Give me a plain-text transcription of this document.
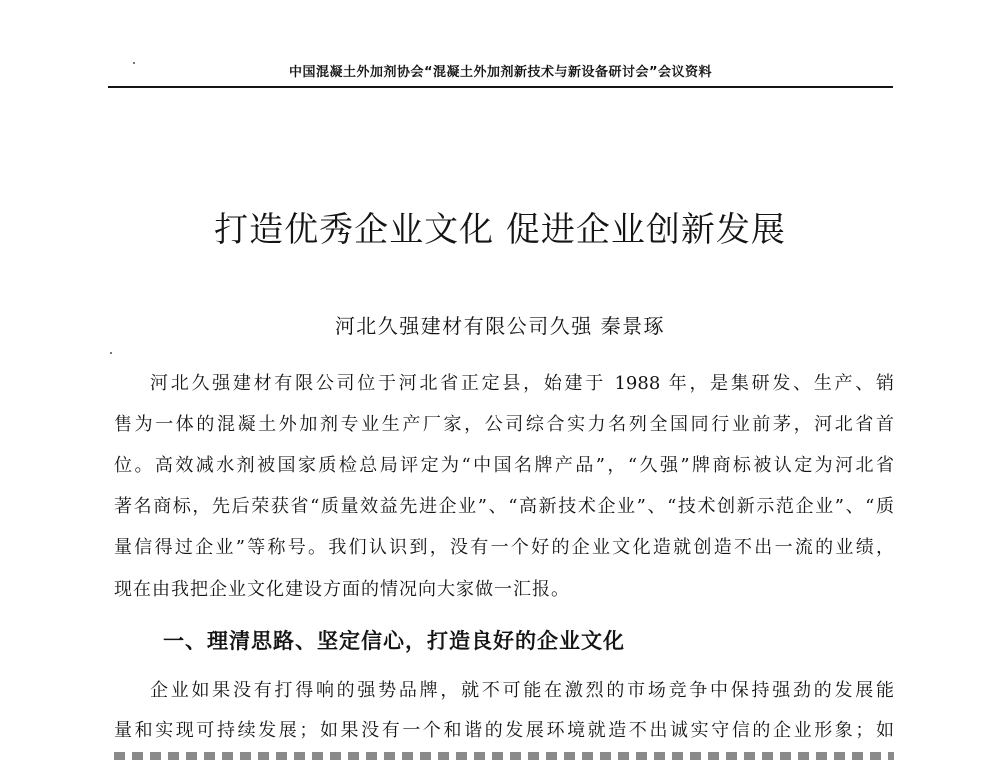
中国混凝土外加剂协会“混凝土外加剂新技术与新设备研讨会”会议资料
打造优秀企业文化 促进企业创新发展
河北久强建材有限公司久强 秦景琢
河北久强建材有限公司位于河北省正定县，始建于 1988 年，是集研发、生产、销
售为一体的混凝土外加剂专业生产厂家，公司综合实力名列全国同行业前茅，河北省首
位。高效减水剂被国家质检总局评定为“中国名牌产品”，“久强”牌商标被认定为河北省
著名商标，先后荣获省“质量效益先进企业”、“高新技术企业”、“技术创新示范企业”、“质
量信得过企业”等称号。我们认识到，没有一个好的企业文化造就创造不出一流的业绩，
现在由我把企业文化建设方面的情况向大家做一汇报。
一、理清思路、坚定信心，打造良好的企业文化
企业如果没有打得响的强势品牌，就不可能在激烈的市场竞争中保持强劲的发展能
量和实现可持续发展；如果没有一个和谐的发展环境就造不出诚实守信的企业形象；如
